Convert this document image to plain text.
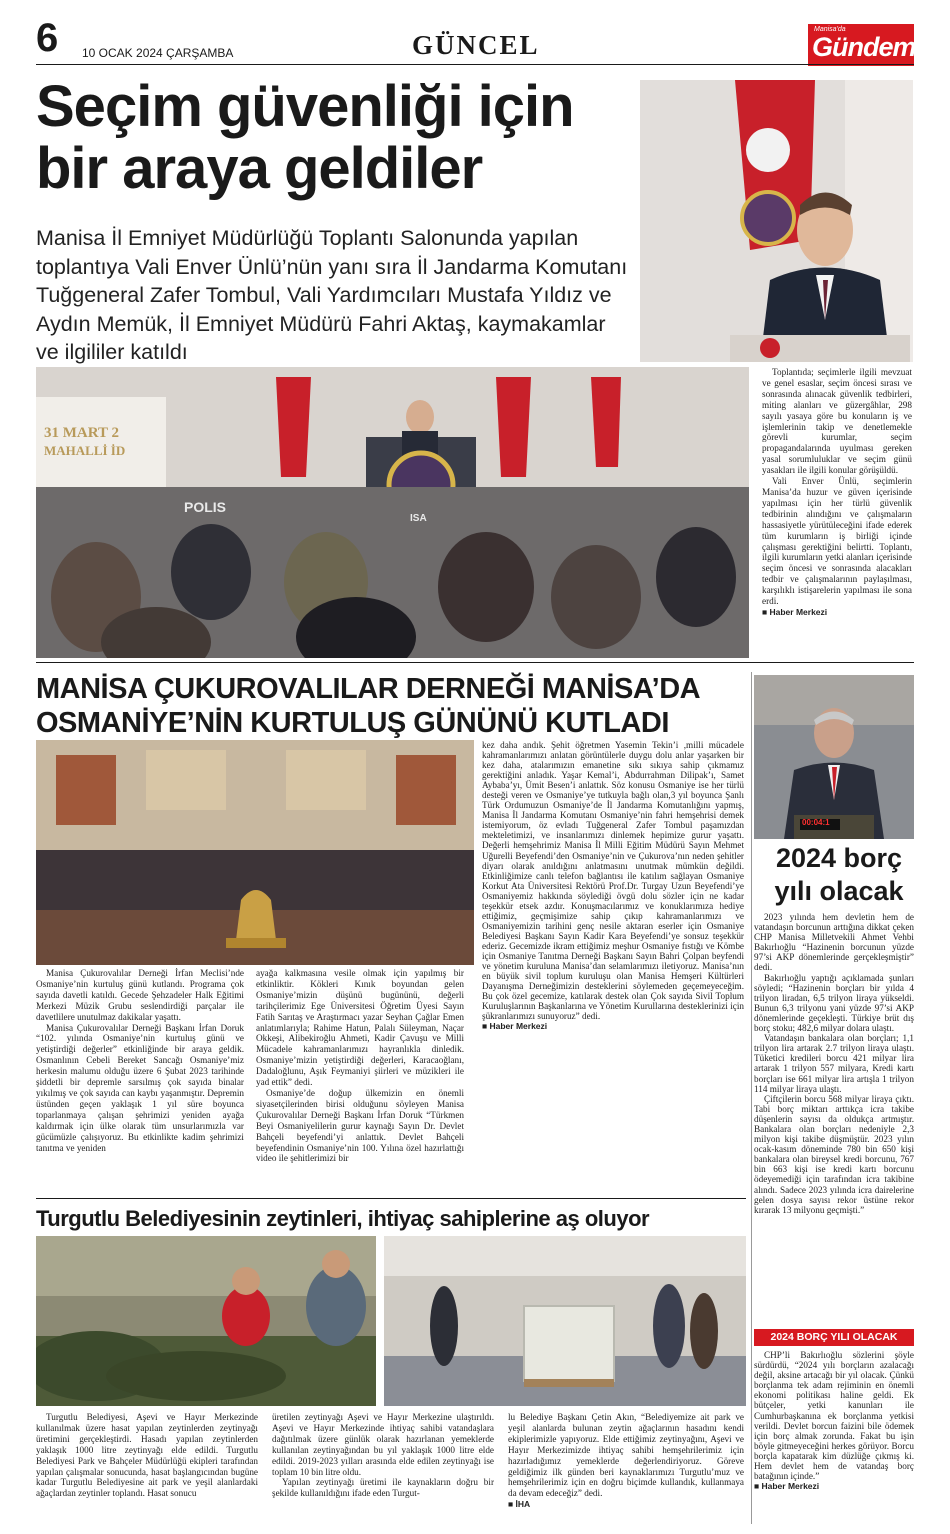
6 10 OCAK 2024 ÇARŞAMBA	GÜNCEL
Manisa'da
Gündem
Seçim güvenliği için
bir araya geldiler
Manisa İl Emniyet Müdürlüğü Toplantı Salonunda yapılan toplantıya Vali Enver Ünlü’nün yanı sıra İl Jandarma Komutanı Tuğgeneral Zafer Tombul, Vali Yardımcıları Mustafa Yıldız ve Aydın Memük, İl Emniyet Müdürü Fahri Aktaş, kaymakamlar ve ilgililer katıldı
31 MART 2
MAHALLİ İD
POLIS
ISA

Toplantıda; seçimlerle ilgili mevzuat ve genel esaslar, seçim öncesi sırası ve sonrasında alınacak güvenlik tedbirleri, miting alanları ve güzergâhlar, 298 sayılı yasaya göre bu konuların iş ve işlemlerinin takip ve denetlemekle görevli kurumlar, seçim propagandalarında uyulması gereken yasal sorumluluklar ve seçim günü yasakları ile ilgili konular görüşüldü.

Vali Enver Ünlü, seçimlerin Manisa’da huzur ve güven içerisinde yapılması için her türlü güvenlik tedbirinin alındığını ve çalışmaların hassasiyetle yürütüleceğini ifade ederek tüm kurumların iş birliği içinde çalışması gerektiğini belirtti. Toplantı, ilgili kurumların yetki alanları içerisinde seçim öncesi ve sonrasında alacakları tedbir ve çalışmalarının paylaşılması, karşılıklı istişarelerin yapılması ile sona erdi.

■ Haber Merkezi
MANİSA ÇUKUROVALILAR DERNEĞİ MANİSA’DA
OSMANİYE’NİN KURTULUŞ GÜNÜNÜ KUTLADI

Manisa Çukurovalılar Derneği İrfan Meclisi’nde Osmaniye’nin kurtuluş günü kutlandı. Programa çok sayıda davetli katıldı. Gecede Şehzadeler Halk Eğitimi Merkezi Müzik Grubu seslendirdiği parçalar ile davetlilere unutulmaz dakikalar yaşattı.

Manisa Çukurovalılar Derneği Başkanı İrfan Doruk “102. yılında Osmaniye’nin kurtuluş günü ve yetiştirdiği değerler” etkinliğinde bir araya geldik. Osmanlının Cebeli Bereket Sancağı Osmaniye’miz herkesin malumu olduğu üzere 6 Şubat 2023 tarihinde şiddetli bir depremle sarsılmış çok sayıda binalar yıkılmış ve çok sayıda can kaybı yaşanmıştır. Depremin üstünden geçen yaklaşık 1 yıl süre boyunca toparlanmaya çalışan şehrimizi yeniden ayağa kaldırmak için ülke olarak tüm unsurlarımızla var gücümüzle çalışıyoruz. Bu etkinlikte kadim şehrimizi tanıtma ve yeniden

ayağa kalkmasına vesile olmak için yapılmış bir etkinliktir. Kökleri Kınık boyundan gelen Osmaniye’mizin düşünü bugününü, değerli tarihçilerimiz Ege Üniversitesi Öğretim Üyesi Sayın Fatih Sarıtaş ve Araştırmacı yazar Seyhan Çağlar Emen anlatımlarıyla; Rahime Hatun, Palalı Süleyman, Naçar Okkeşi, Alibekiroğlu Ahmeti, Kadir Çavuşu ve Milli Mücadele kahramanlarımızı hayranlıkla dinledik. Osmaniye’mizin yetiştirdiği değerleri, Karacaoğlanı, Dadaloğlunu, Aşık Feymaniyi şiirleri ve müzikleri ile yad ettik” dedi.

Osmaniye’de doğup ülkemizin en önemli siyasetçilerinden birisi olduğunu söyleyen Manisa Çukurovalılar Derneği Başkanı İrfan Doruk “Türkmen Beyi Osmaniyelilerin gurur kaynağı Sayın Dr. Devlet Bahçeli beyefendi’yi anlattık. Devlet Bahçeli beyefendinin Osmaniye’nin 100. Yılına özel hazırlattığı video ile şehitlerimizi bir

kez daha andık. Şehit öğretmen Yasemin Tekin’i ,milli mücadele kahramanlarımızı anlatan görüntülerle duygu dolu anlar yaşarken bir kez daha, atalarımızın emanetine sıkı sıkıya sahip çıkmamız gerektiğini anladık. Yaşar Kemal’i, Abdurrahman Dilipak’ı, Samet Aybaba’yı, Ümit Besen’i anlattık. Söz konusu Osmaniye ise her türlü desteği veren ve Osmaniye’ye tutkuyla bağlı olan,3 yıl boyunca Şanlı Türk Ordumuzun Osmaniye’de İl Jandarma Komutanlığını yapmış, Manisa İl Jandarma Komutanı Osmaniye’nin fahri hemşehrisi demek istemiyorum, öz evladı Tuğgeneral Zafer Tombul paşamızdan mekteletimizi, ve insanlarımızı dinlemek hepimize gurur yaşattı. Değerli hemşehrimiz Manisa İl Milli Eğitim Müdürü Sayın Mehmet Uğurelli Beyefendi’den Osmaniye’nin ve Çukurova’nın neden şehitler diyarı olarak anıldığını anlatmasını unutmak mümkün değildi. Etkinliğimize canlı telefon bağlantısı ile katılım sağlayan Osmaniye Korkut Ata Üniversitesi Rektörü Prof.Dr. Turgay Uzun Beyefendi’ye Osmaniyemiz hakkında söylediği övgü dolu sözler için ne kadar teşekkür etsek azdır. Konuşmacılarımız ve konuklarımıza hediye ettiğimiz, geçmişimize sahip çıkıp kahramanlarımızı ve Osmaniyemizin tarihini genç nesile aktaran eserler için Osmaniye Belediyesi Başkanı Sayın Kadir Kara Beyefendi’ye sonsuz teşekkür ederiz. Gecemizde ikram ettiğimiz meşhur Osmaniye fıstığı ve Kömbe için Osmaniye Tanıtma Derneği Başkanı Sayın Bahri Çolpan beyfendi ve yönetim kuruluna Manisa’dan selamlarımızı iletiyoruz. Manisa’nın en büyük sivil toplum kuruluşu olan Manisa Hemşeri Kültürleri Dayanışma Derneğimizin desteklerini söylemeden geçemeyeceğim. Bu çok özel gecemize, katılarak destek olan Çok sayıda Sivil Toplum Kuruluşlarının Başkanlarına ve Yönetim Kurullarına desteklerinizi için şükranlarımızı sunuyoruz” dedi.

■ Haber Merkezi
Turgutlu Belediyesinin zeytinleri, ihtiyaç sahiplerine aş oluyor

Turgutlu Belediyesi, Aşevi ve Hayır Merkezinde kullanılmak üzere hasat yapılan zeytinlerden zeytinyağı üretimini gerçekleştirdi. Hasadı yapılan zeytinlerden yaklaşık 1000 litre zeytinyağı elde edildi. Turgutlu Belediyesi Park ve Bahçeler Müdürlüğü ekipleri tarafından yapılan çalışmalar sonucunda, hasat başlangıcından bugüne kadar Turgutlu Belediyesine ait park ve yeşil alanlardaki ağaçlardan zeytinler toplandı. Hasat sonucu

üretilen zeytinyağı Aşevi ve Hayır Merkezine ulaştırıldı. Aşevi ve Hayır Merkezinde ihtiyaç sahibi vatandaşlara dağıtılmak üzere günlük olarak hazırlanan yemeklerde kullanılan zeytinyağından bu yıl yaklaşık 1000 litre elde edildi. 2019-2023 yılları arasında elde edilen zeytinyağı ise toplam 10 bin litre oldu.

Yapılan zeytinyağı üretimi ile kaynakların doğru bir şekilde kullanıldığını ifade eden Turgut-

lu Belediye Başkanı Çetin Akın, “Belediyemize ait park ve yeşil alanlarda bulunan zeytin ağaçlarının hasadını kendi ekiplerimizle yapıyoruz. Elde ettiğimiz zeytinyağını, Aşevi ve Hayır Merkezimizde ihtiyaç sahibi hemşehrilerimiz için hazırladığımız yemeklerde değerlendiriyoruz. Göreve geldiğimiz ilk günden beri kaynaklarımızı Turgutlu’muz ve hemşehrilerimiz için en doğru biçimde kullandık, kullanmaya da devam edeceğiz” dedi.

■ İHA
00:04:1
2024 borç
yılı olacak

2023 yılında hem devletin hem de vatandaşın borcunun arttığına dikkat çeken CHP Manisa Milletvekili Ahmet Vehbi Bakırlıoğlu “Hazinenin borcunun yüzde 97’si AKP dönemlerinde gerçekleşmiştir” dedi.

Bakırlıoğlu yaptığı açıklamada şunları söyledi; “Hazinenin borçları bir yılda 4 trilyon liradan, 6,5 trilyon liraya yükseldi. Bunun 6,3 trilyonu yani yüzde 97’si AKP dönemlerinde geçekleşti. Türkiye brüt dış borç stoku; 482,6 milyar dolara ulaştı.

Vatandaşın bankalara olan borçları; 1,1 trilyon lira artarak 2.7 trilyon liraya ulaştı. Tüketici kredileri borcu 421 milyar lira artarak 1 trilyon 557 milyara, Kredi kartı borçları ise 661 milyar lira artışla 1 trilyon 114 milyar liraya ulaştı.

Çiftçilerin borcu 568 milyar liraya çıktı. Tabi borç miktarı arttıkça icra takibe düşenlerin sayısı da oldukça artmıştır. Bankalara olan borçları nedeniyle 2,3 milyon kişi takibe düşmüştür. 2023 yılın ocak-kasım döneminde 780 bin 650 kişi bankalara olan bireysel kredi borcunu, 767 bin 663 kişi ise kredi kartı borcunu ödeyemediği için tarafından icra takibine alındı. Sadece 2023 yılında icra dairelerine gelen dosya sayısı rekor üstüne rekor kırarak 13 milyonu geçmişti.”

2024 BORÇ YILI OLACAK

CHP’li Bakırlıoğlu sözlerini şöyle sürdürdü, “2024 yılı borçların azalacağı değil, aksine artacağı bir yıl olacak. Çünkü borçlanma tek adam rejiminin en önemli ekonomi politikası haline geldi. Ek bütçeler, yetki kanunları ile Cumhurbaşkanına ek borçlanma yetkisi verildi. Devlet borcun faizini bile ödemek için borç almak zorunda. Fakat bu işin böyle gitmeyeceğini herkes görüyor. Borcu borçla kapatarak kim düzlüğe çıkmış ki. Hem devlet hem de vatandaş borç batağının içinde.”

■ Haber Merkezi
